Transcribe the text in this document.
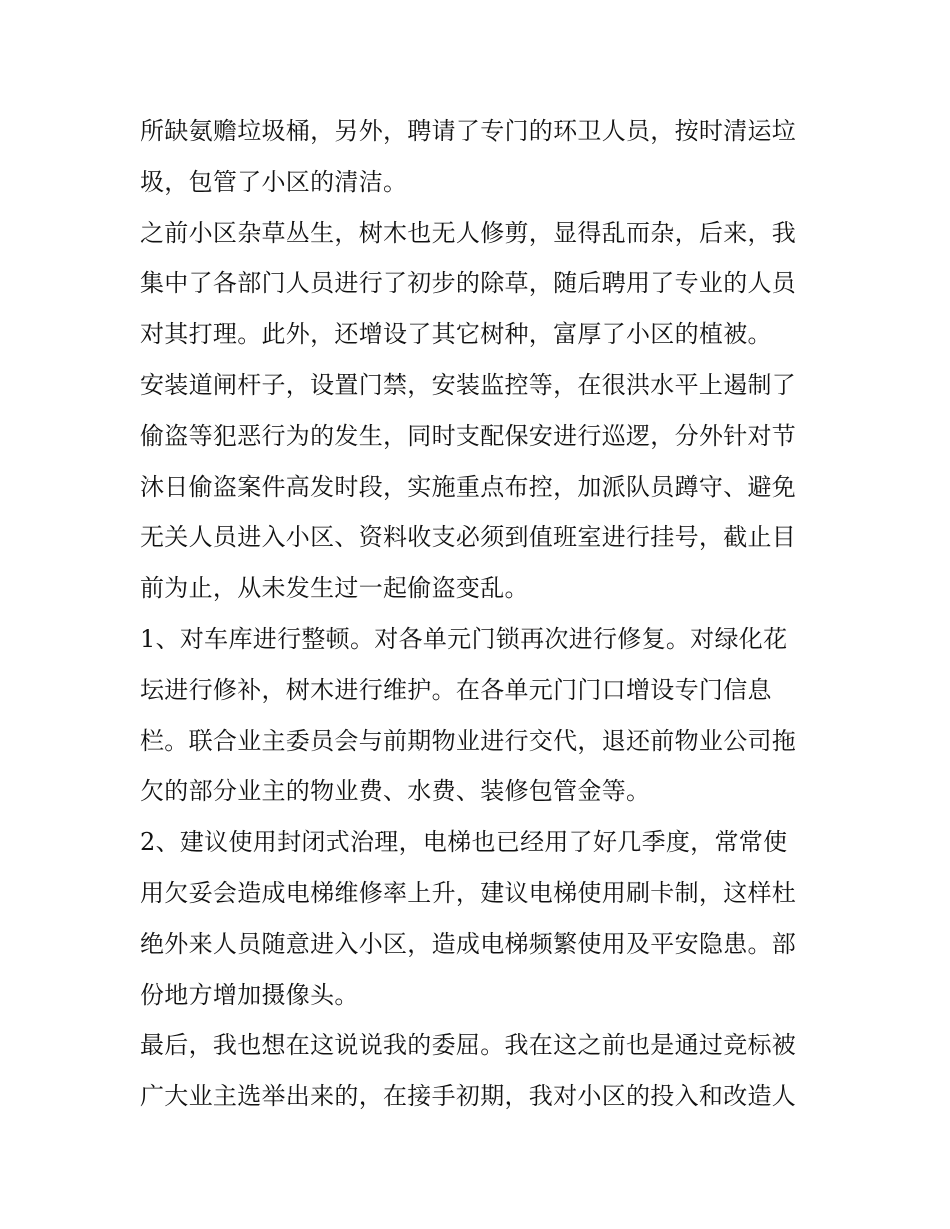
所缺氨赡垃圾桶，另外，聘请了专门的环卫人员，按时清运垃
圾，包管了小区的清洁。
之前小区杂草丛生，树木也无人修剪，显得乱而杂，后来，我
集中了各部门人员进行了初步的除草，随后聘用了专业的人员
对其打理。此外，还增设了其它树种，富厚了小区的植被。
安装道闸杆子，设置门禁，安装监控等，在很洪水平上遏制了
偷盗等犯恶行为的发生，同时支配保安进行巡逻，分外针对节
沐日偷盗案件高发时段，实施重点布控，加派队员蹲守、避免
无关人员进入小区、资料收支必须到值班室进行挂号，截止目
前为止，从未发生过一起偷盗变乱。
1、对车库进行整顿。对各单元门锁再次进行修复。对绿化花
坛进行修补，树木进行维护。在各单元门门口增设专门信息
栏。联合业主委员会与前期物业进行交代，退还前物业公司拖
欠的部分业主的物业费、水费、装修包管金等。
2、建议使用封闭式治理，电梯也已经用了好几季度，常常使
用欠妥会造成电梯维修率上升，建议电梯使用刷卡制，这样杜
绝外来人员随意进入小区，造成电梯频繁使用及平安隐患。部
份地方增加摄像头。
最后，我也想在这说说我的委屈。我在这之前也是通过竞标被
广大业主选举出来的，在接手初期，我对小区的投入和改造人
